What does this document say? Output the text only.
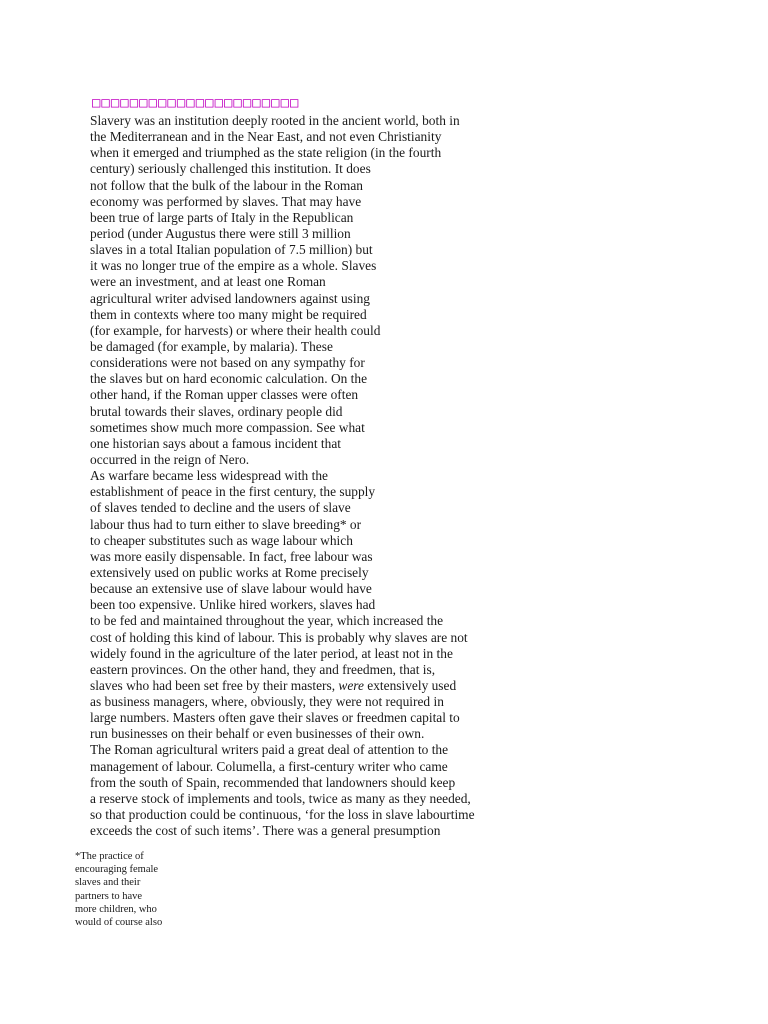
□□□□□□□□□□□□□□□□□□□□□□
Slavery was an institution deeply rooted in the ancient world, both in
the Mediterranean and in the Near East, and not even Christianity
when it emerged and triumphed as the state religion (in the fourth
century) seriously challenged this institution. It does
not follow that the bulk of the labour in the Roman
economy was performed by slaves. That may have
been true of large parts of Italy in the Republican
period (under Augustus there were still 3 million
slaves in a total Italian population of 7.5 million) but
it was no longer true of the empire as a whole. Slaves
were an investment, and at least one Roman
agricultural writer advised landowners against using
them in contexts where too many might be required
(for example, for harvests) or where their health could
be damaged (for example, by malaria). These
considerations were not based on any sympathy for
the slaves but on hard economic calculation. On the
other hand, if the Roman upper classes were often
brutal towards their slaves, ordinary people did
sometimes show much more compassion. See what
one historian says about a famous incident that
occurred in the reign of Nero.
As warfare became less widespread with the
establishment of peace in the first century, the supply
of slaves tended to decline and the users of slave
labour thus had to turn either to slave breeding* or
to cheaper substitutes such as wage labour which
was more easily dispensable. In fact, free labour was
extensively used on public works at Rome precisely
because an extensive use of slave labour would have
been too expensive. Unlike hired workers, slaves had
to be fed and maintained throughout the year, which increased the
cost of holding this kind of labour. This is probably why slaves are not
widely found in the agriculture of the later period, at least not in the
eastern provinces. On the other hand, they and freedmen, that is,
slaves who had been set free by their masters, were extensively used
as business managers, where, obviously, they were not required in
large numbers. Masters often gave their slaves or freedmen capital to
run businesses on their behalf or even businesses of their own.
The Roman agricultural writers paid a great deal of attention to the
management of labour. Columella, a first-century writer who came
from the south of Spain, recommended that landowners should keep
a reserve stock of implements and tools, twice as many as they needed,
so that production could be continuous, ‘for the loss in slave labourtime
exceeds the cost of such items’. There was a general presumption
*The practice of
encouraging female
slaves and their
partners to have
more children, who
would of course also
